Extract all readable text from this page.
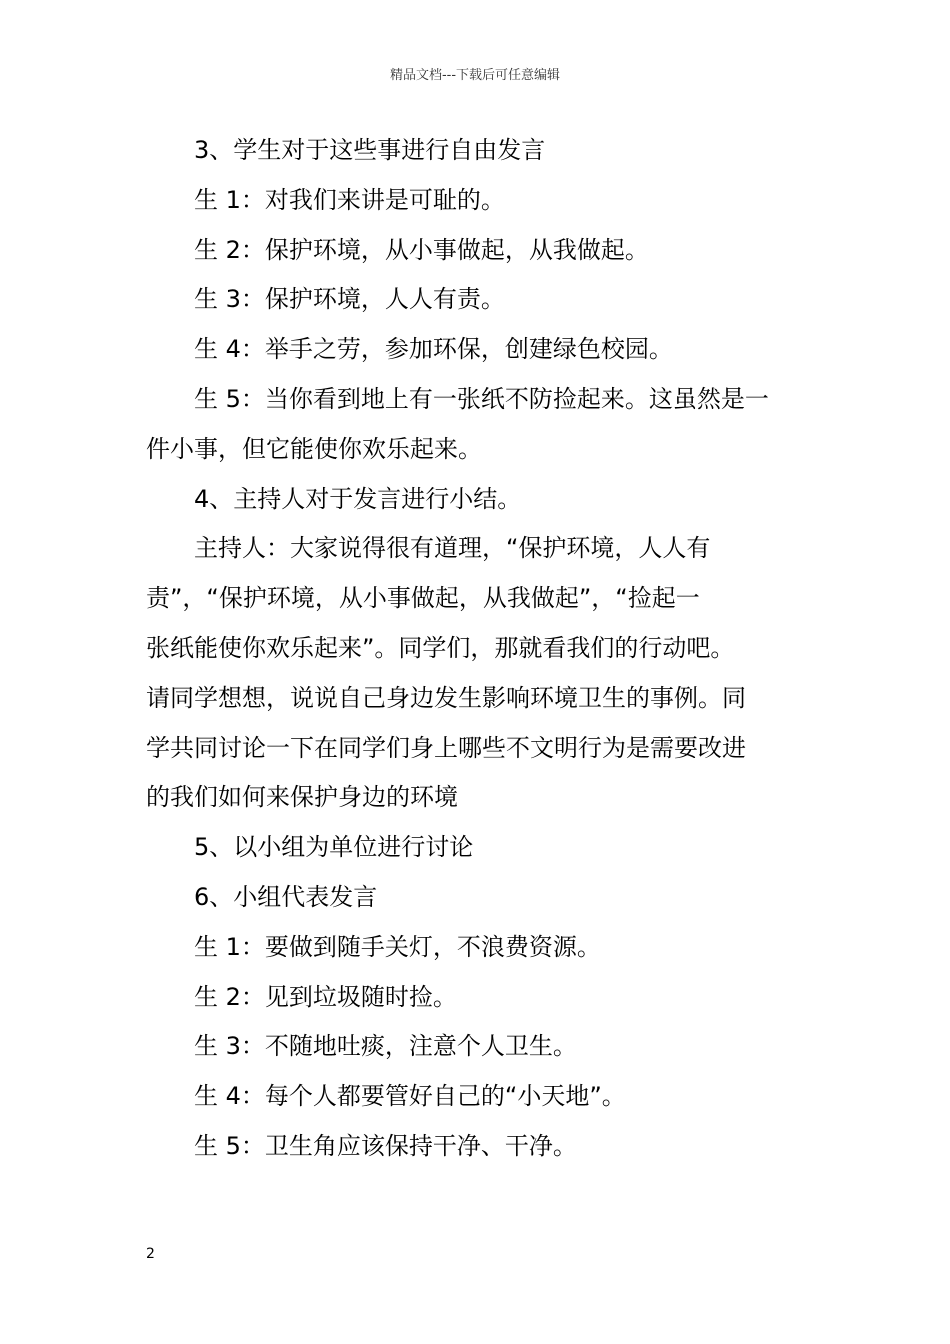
精品文档---下载后可任意编辑

3、学生对于这些事进行自由发言

生 1：对我们来讲是可耻的。

生 2：保护环境，从小事做起，从我做起。

生 3：保护环境，人人有责。

生 4：举手之劳，参加环保，创建绿色校园。

生 5：当你看到地上有一张纸不防捡起来。这虽然是一

件小事，但它能使你欢乐起来。

4、主持人对于发言进行小结。

主持人：大家说得很有道理，“保护环境，人人有

责”，“保护环境，从小事做起，从我做起”，“捡起一

张纸能使你欢乐起来”。同学们，那就看我们的行动吧。

请同学想想，说说自己身边发生影响环境卫生的事例。同

学共同讨论一下在同学们身上哪些不文明行为是需要改进

的我们如何来保护身边的环境

5、以小组为单位进行讨论

6、小组代表发言

生 1：要做到随手关灯，不浪费资源。

生 2：见到垃圾随时捡。

生 3：不随地吐痰，注意个人卫生。

生 4：每个人都要管好自己的“小天地”。

生 5：卫生角应该保持干净、干净。

2
